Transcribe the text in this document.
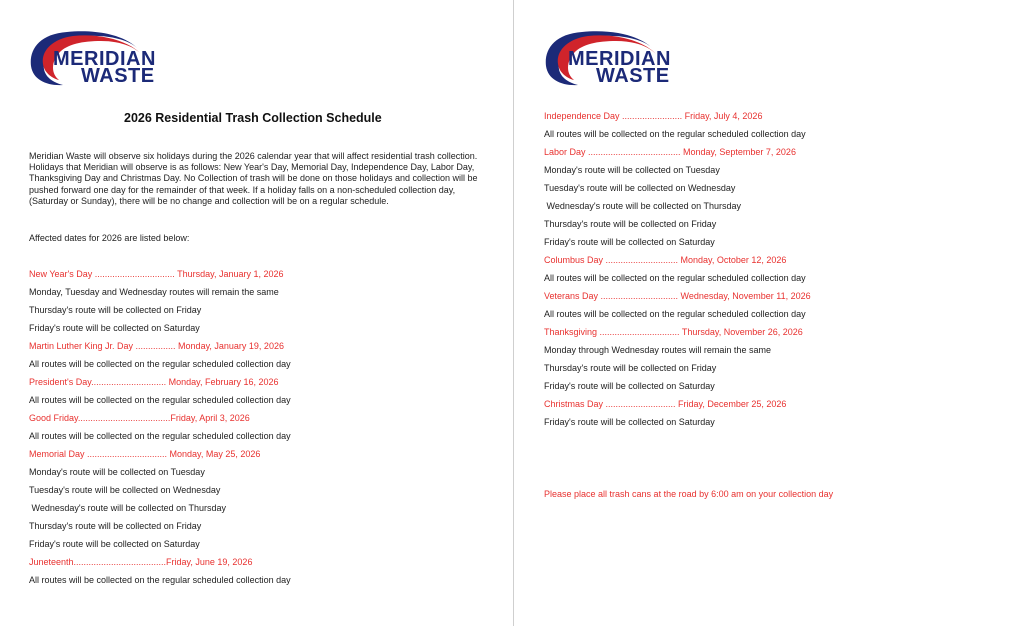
MERIDIAN
WASTE
2026 Residential Trash Collection Schedule
Meridian Waste will observe six holidays during the 2026 calendar year that will affect residential trash collection. Holidays that Meridian will observe is as follows: New Year's Day, Memorial Day, Independence Day, Labor Day, Thanksgiving Day and Christmas Day. No Collection of trash will be done on those holidays and collection will be pushed forward one day for the remainder of that week. If a holiday falls on a non-scheduled collection day, (Saturday or Sunday), there will be no change and collection will be on a regular schedule.
Affected dates for 2026 are listed below:
New Year's Day ................................ Thursday, January 1, 2026
Monday, Tuesday and Wednesday routes will remain the same
Thursday's route will be collected on Friday
Friday's route will be collected on Saturday
Martin Luther King Jr. Day ................ Monday, January 19, 2026
All routes will be collected on the regular scheduled collection day
President's Day.............................. Monday, February 16, 2026
All routes will be collected on the regular scheduled collection day
Good Friday.....................................Friday, April 3, 2026
All routes will be collected on the regular scheduled collection day
Memorial Day ................................ Monday, May 25, 2026
Monday's route will be collected on Tuesday
Tuesday's route will be collected on Wednesday
Wednesday's route will be collected on Thursday
Thursday's route will be collected on Friday
Friday's route will be collected on Saturday
Juneteenth.....................................Friday, June 19, 2026
All routes will be collected on the regular scheduled collection day
MERIDIAN
WASTE
Independence Day ........................ Friday, July 4, 2026
All routes will be collected on the regular scheduled collection day
Labor Day ..................................... Monday, September 7, 2026
Monday's route will be collected on Tuesday
Tuesday's route will be collected on Wednesday
Wednesday's route will be collected on Thursday
Thursday's route will be collected on Friday
Friday's route will be collected on Saturday
Columbus Day ............................. Monday, October 12, 2026
All routes will be collected on the regular scheduled collection day
Veterans Day ............................... Wednesday, November 11, 2026
All routes will be collected on the regular scheduled collection day
Thanksgiving ................................ Thursday, November 26, 2026
Monday through Wednesday routes will remain the same
Thursday's route will be collected on Friday
Friday's route will be collected on Saturday
Christmas Day ............................ Friday, December 25, 2026
Friday's route will be collected on Saturday
Please place all trash cans at the road by 6:00 am on your collection day
